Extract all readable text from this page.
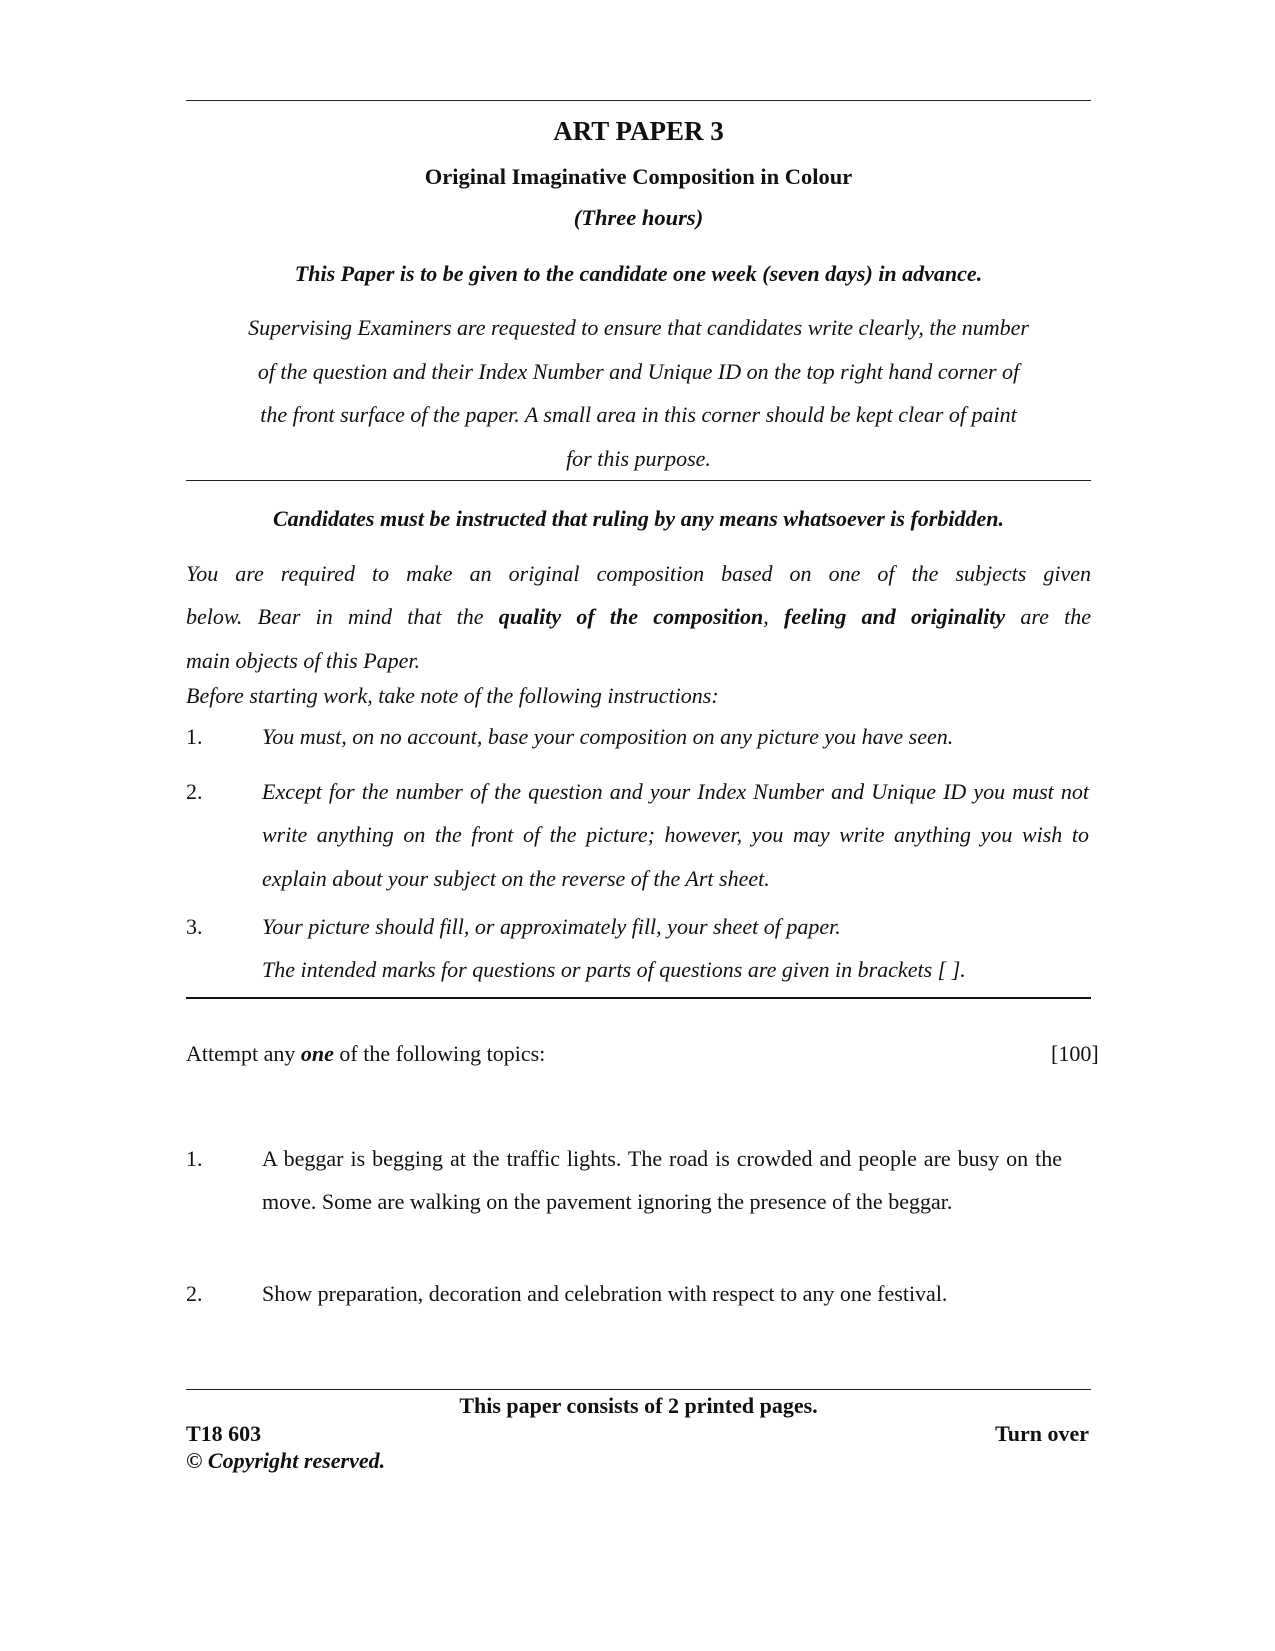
ART PAPER 3
Original Imaginative Composition in Colour
(Three hours)
This Paper is to be given to the candidate one week (seven days) in advance.
Supervising Examiners are requested to ensure that candidates write clearly, the number
of the question and their Index Number and Unique ID on the top right hand corner of
the front surface of the paper. A small area in this corner should be kept clear of paint
for this purpose.
Candidates must be instructed that ruling by any means whatsoever is forbidden.
You are required to make an original composition based on one of the subjects given
below. Bear in mind that the quality of the composition, feeling and originality are the
main objects of this Paper.
Before starting work, take note of the following instructions:
1.	You must, on no account, base your composition on any picture you have seen.
2.	Except for the number of the question and your Index Number and Unique ID you must not write anything on the front of the picture; however, you may write anything you wish to explain about your subject on the reverse of the Art sheet.
3.	Your picture should fill, or approximately fill, your sheet of paper.
The intended marks for questions or parts of questions are given in brackets [ ].
Attempt any one of the following topics:	[100]
1.	A beggar is begging at the traffic lights. The road is crowded and people are busy on the move. Some are walking on the pavement ignoring the presence of the beggar.
2.	Show preparation, decoration and celebration with respect to any one festival.
This paper consists of 2 printed pages.
T18 603	Turn over
© Copyright reserved.
